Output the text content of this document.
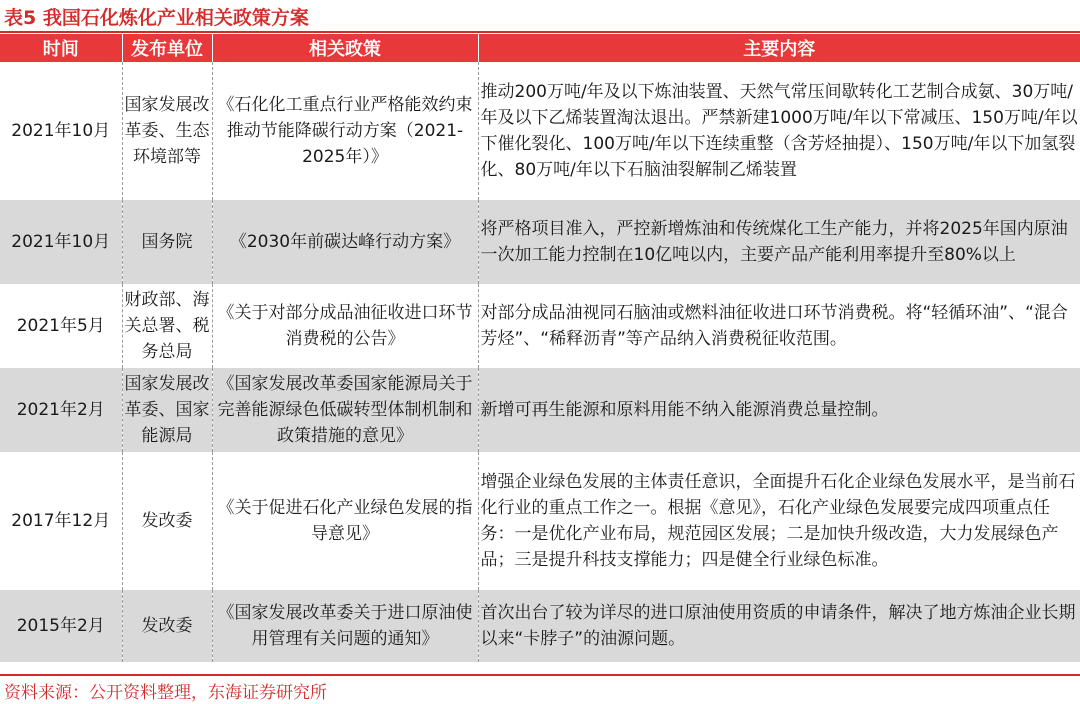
表5 我国石化炼化产业相关政策方案
时间	发布单位	相关政策	主要内容
2021年10月	国家发展改革委、生态环境部等	《石化化工重点行业严格能效约束推动节能降碳行动方案（2021-2025年）》	推动200万吨/年及以下炼油装置、天然气常压间歇转化工艺制合成氨、30万吨/年及以下乙烯装置淘汰退出。严禁新建1000万吨/年以下常减压、150万吨/年以下催化裂化、100万吨/年以下连续重整（含芳烃抽提）、150万吨/年以下加氢裂化、80万吨/年以下石脑油裂解制乙烯装置
2021年10月	国务院	《2030年前碳达峰行动方案》	将严格项目准入，严控新增炼油和传统煤化工生产能力，并将2025年国内原油一次加工能力控制在10亿吨以内，主要产品产能利用率提升至80%以上
2021年5月	财政部、海关总署、税务总局	《关于对部分成品油征收进口环节消费税的公告》	对部分成品油视同石脑油或燃料油征收进口环节消费税。将“轻循环油”、“混合芳烃”、“稀释沥青”等产品纳入消费税征收范围。
2021年2月	国家发展改革委、国家能源局	《国家发展改革委国家能源局关于完善能源绿色低碳转型体制机制和政策措施的意见》	新增可再生能源和原料用能不纳入能源消费总量控制。
2017年12月	发改委	《关于促进石化产业绿色发展的指导意见》	增强企业绿色发展的主体责任意识，全面提升石化企业绿色发展水平，是当前石化行业的重点工作之一。根据《意见》，石化产业绿色发展要完成四项重点任务：一是优化产业布局，规范园区发展；二是加快升级改造，大力发展绿色产品；三是提升科技支撑能力；四是健全行业绿色标准。
2015年2月	发改委	《国家发展改革委关于进口原油使用管理有关问题的通知》	首次出台了较为详尽的进口原油使用资质的申请条件，解决了地方炼油企业长期以来“卡脖子”的油源问题。
资料来源：公开资料整理，东海证券研究所
